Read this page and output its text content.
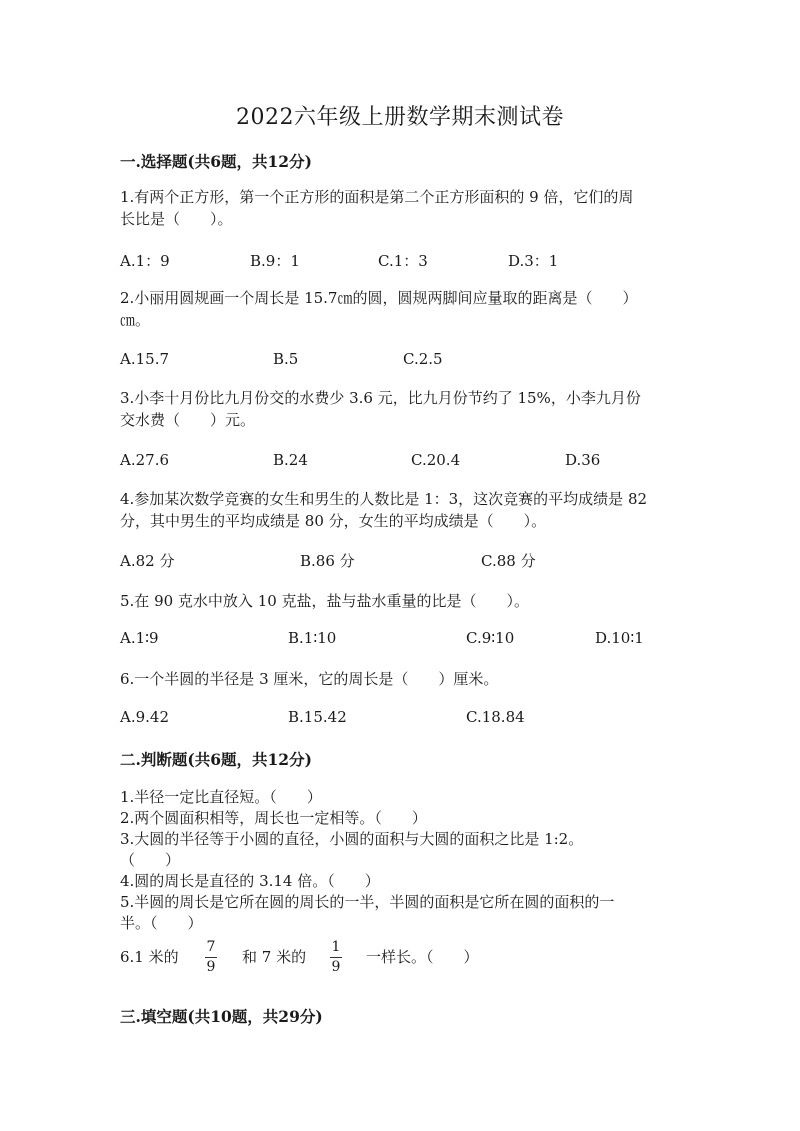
2022六年级上册数学期末测试卷
一.选择题(共6题，共12分)
1.有两个正方形，第一个正方形的面积是第二个正方形面积的 9 倍，它们的周
长比是（　　）。
A.1：9	B.9：1	C.1：3	D.3：1
2.小丽用圆规画一个周长是 15.7㎝的圆，圆规两脚间应量取的距离是（　　）
㎝。
A.15.7	B.5	C.2.5
3.小李十月份比九月份交的水费少 3.6 元，比九月份节约了 15%，小李九月份
交水费（　　）元。
A.27.6	B.24	C.20.4	D.36
4.参加某次数学竞赛的女生和男生的人数比是 1：3，这次竞赛的平均成绩是 82
分，其中男生的平均成绩是 80 分，女生的平均成绩是（　　）。
A.82 分	B.86 分	C.88 分
5.在 90 克水中放入 10 克盐，盐与盐水重量的比是（　　）。
A.1∶9	B.1∶10	C.9∶10	D.10∶1
6.一个半圆的半径是 3 厘米，它的周长是（　　）厘米。
A.9.42	B.15.42	C.18.84
二.判断题(共6题，共12分)
1.半径一定比直径短。（　　）
2.两个圆面积相等，周长也一定相等。（　　）
3.大圆的半径等于小圆的直径，小圆的面积与大圆的面积之比是 1:2。
（　　）
4.圆的周长是直径的 3.14 倍。（　　）
5.半圆的周长是它所在圆的周长的一半，半圆的面积是它所在圆的面积的一
半。（　　）
6.1 米的
7
9
和 7 米的
1
9
一样长。（　　）
三.填空题(共10题，共29分)
